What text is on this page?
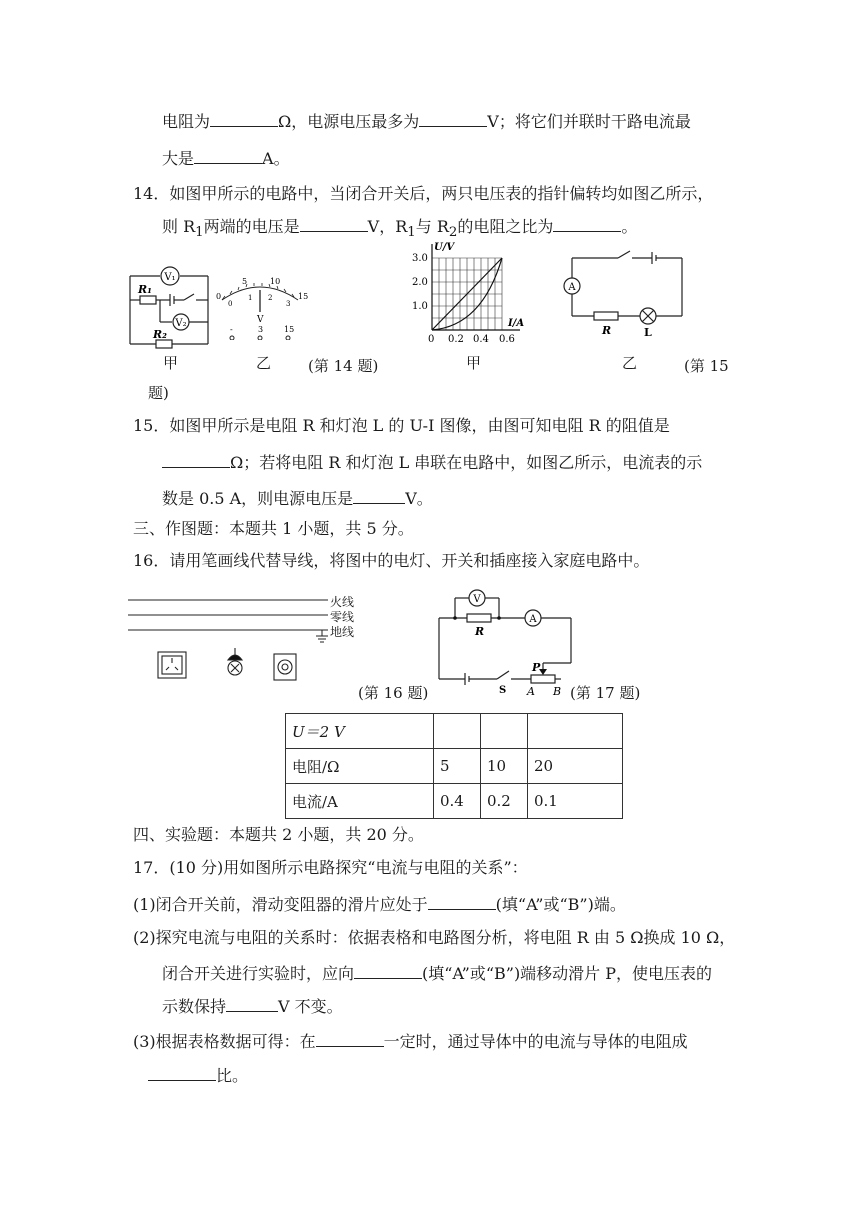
电阻为	Ω，电源电压最多为	V；将它们并联时干路电流最
大是	A。
14．如图甲所示的电路中，当闭合开关后，两只电压表的指针偏转均如图乙所示，
则 $R_1$两端的电压是	V，$R_1$与 $R_2$的电阻之比为	。
V₁
V₂
R₁
R₂
甲
0
5	10
15
0
1 2
3
V
-	3	15
乙 (第 14 题)
U/V
I/A
3.0
2.0
1.0
0 0.2 0.4 0.6
甲
A
R	L
乙	(第 15
题)
15．如图甲所示是电阻 R 和灯泡 L 的 U-I 图像，由图可知电阻 R 的阻值是
Ω；若将电阻 R 和灯泡 L 串联在电路中，如图乙所示，电流表的示
数是 0.5 A，则电源电压是	V。
三、作图题：本题共 1 小题，共 5 分。
16．请用笔画线代替导线，将图中的电灯、开关和插座接入家庭电路中。
火线
零线
地线
(第 16 题)
V
A
R
P
S A B (第 17 题)
U＝2 V			
电阻/Ω	5	10	20
电流/A	0.4	0.2	0.1
四、实验题：本题共 2 小题，共 20 分。
17．(10 分)用如图所示电路探究“电流与电阻的关系”：
(1)闭合开关前，滑动变阻器的滑片应处于	(填“A”或“B”)端。
(2)探究电流与电阻的关系时：依据表格和电路图分析，将电阻 R 由 5 Ω换成 10 Ω，
闭合开关进行实验时，应向	(填“A”或“B”)端移动滑片 P，使电压表的
示数保持	V 不变。
(3)根据表格数据可得：在	一定时，通过导体中的电流与导体的电阻成
比。
